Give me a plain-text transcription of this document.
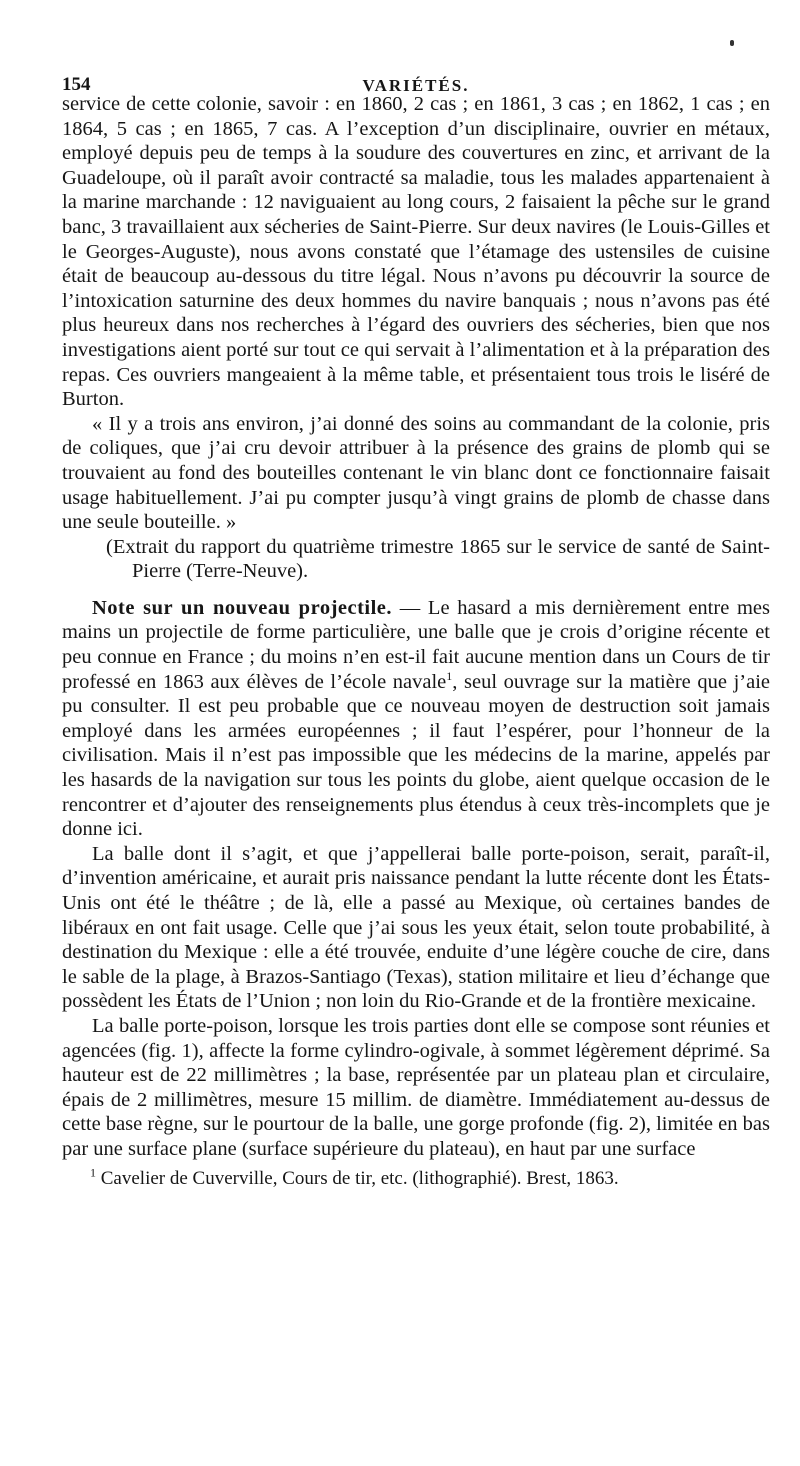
154	VARIÉTÉS.

service de cette colonie, savoir : en 1860, 2 cas ; en 1861, 3 cas ; en 1862, 1 cas ; en 1864, 5 cas ; en 1865, 7 cas. A l’exception d’un disciplinaire, ouvrier en métaux, employé depuis peu de temps à la soudure des couvertures en zinc, et arrivant de la Guadeloupe, où il paraît avoir contracté sa maladie, tous les malades appartenaient à la marine marchande : 12 naviguaient au long cours, 2 faisaient la pêche sur le grand banc, 3 travaillaient aux sécheries de Saint-Pierre. Sur deux navires (le Louis-Gilles et le Georges-Auguste), nous avons constaté que l’étamage des ustensiles de cuisine était de beaucoup au-dessous du titre légal. Nous n’avons pu découvrir la source de l’intoxication saturnine des deux hommes du navire banquais ; nous n’avons pas été plus heureux dans nos recherches à l’égard des ouvriers des sécheries, bien que nos investigations aient porté sur tout ce qui servait à l’alimentation et à la préparation des repas. Ces ouvriers mangeaient à la même table, et présentaient tous trois le liséré de Burton.

« Il y a trois ans environ, j’ai donné des soins au commandant de la colonie, pris de coliques, que j’ai cru devoir attribuer à la présence des grains de plomb qui se trouvaient au fond des bouteilles contenant le vin blanc dont ce fonctionnaire faisait usage habituellement. J’ai pu compter jusqu’à vingt grains de plomb de chasse dans une seule bouteille. »

(Extrait du rapport du quatrième trimestre 1865 sur le service de santé de Saint-Pierre (Terre-Neuve).

Note sur un nouveau projectile. — Le hasard a mis dernièrement entre mes mains un projectile de forme particulière, une balle que je crois d’origine récente et peu connue en France ; du moins n’en est-il fait aucune mention dans un Cours de tir professé en 1863 aux élèves de l’école navale$^1$, seul ouvrage sur la matière que j’aie pu consulter. Il est peu probable que ce nouveau moyen de destruction soit jamais employé dans les armées européennes ; il faut l’espérer, pour l’honneur de la civilisation. Mais il n’est pas impossible que les médecins de la marine, appelés par les hasards de la navigation sur tous les points du globe, aient quelque occasion de le rencontrer et d’ajouter des renseignements plus étendus à ceux très-incomplets que je donne ici.

La balle dont il s’agit, et que j’appellerai balle porte-poison, serait, paraît-il, d’invention américaine, et aurait pris naissance pendant la lutte récente dont les États-Unis ont été le théâtre ; de là, elle a passé au Mexique, où certaines bandes de libéraux en ont fait usage. Celle que j’ai sous les yeux était, selon toute probabilité, à destination du Mexique : elle a été trouvée, enduite d’une légère couche de cire, dans le sable de la plage, à Brazos-Santiago (Texas), station militaire et lieu d’échange que possèdent les États de l’Union ; non loin du Rio-Grande et de la frontière mexicaine.

La balle porte-poison, lorsque les trois parties dont elle se compose sont réunies et agencées (fig. 1), affecte la forme cylindro-ogivale, à sommet légèrement déprimé. Sa hauteur est de 22 millimètres ; la base, représentée par un plateau plan et circulaire, épais de 2 millimètres, mesure 15 millim. de diamètre. Immédiatement au-dessus de cette base règne, sur le pourtour de la balle, une gorge profonde (fig. 2), limitée en bas par une surface plane (surface supérieure du plateau), en haut par une surface

$^1$ Cavelier de Cuverville, Cours de tir, etc. (lithographié). Brest, 1863.
